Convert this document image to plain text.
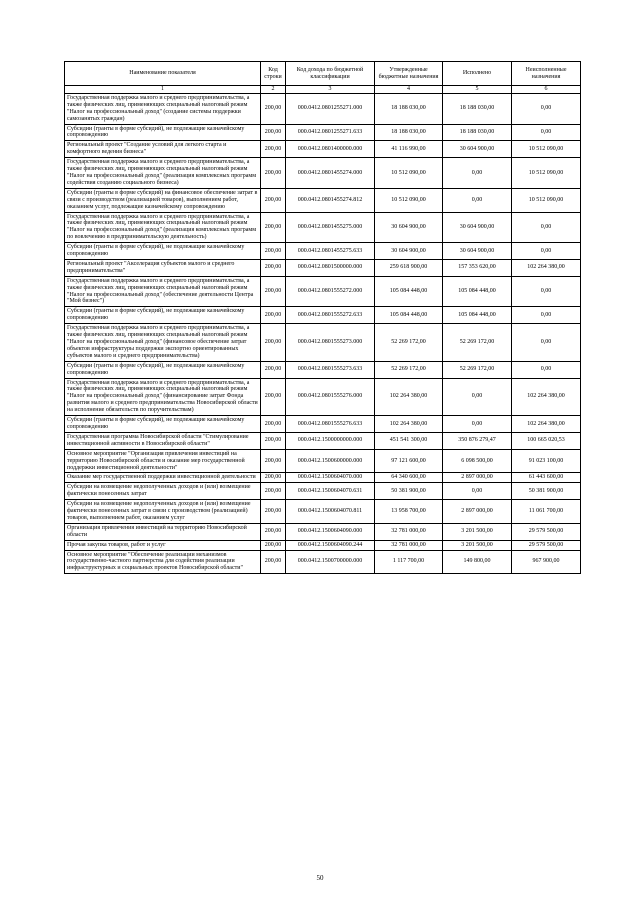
Наименование показателя	Код строки	Код дохода по бюджетной классификации	Утвержденные бюджетные назначения	Исполнено	Неисполненные назначения
1	2	3	4	5	6
Государственная поддержка малого и среднего предпринимательства, а также физических лиц, применяющих специальный налоговый режим "Налог на профессиональный доход" (создание системы поддержки самозанятых граждан)	200,00	000.0412.0801255271.000	18 188 030,00	18 188 030,00	0,00
Субсидии (гранты в форме субсидий), не подлежащие казначейскому сопровождению	200,00	000.0412.0801255271.633	18 188 030,00	18 188 030,00	0,00
Региональный проект "Создание условий для легкого старта и комфортного ведения бизнеса"	200,00	000.0412.0801400000.000	41 116 990,00	30 604 900,00	10 512 090,00
Государственная поддержка малого и среднего предпринимательства, а также физических лиц, применяющих специальный налоговый режим "Налог на профессиональный доход" (реализация комплексных программ содействия созданию социального бизнеса)	200,00	000.0412.0801455274.000	10 512 090,00	0,00	10 512 090,00
Субсидии (гранты в форме субсидий) на финансовое обеспечение затрат в связи с производством (реализацией товаров), выполнением работ, оказанием услуг, подлежащие казначейскому сопровождению	200,00	000.0412.0801455274.812	10 512 090,00	0,00	10 512 090,00
Государственная поддержка малого и среднего предпринимательства, а также физических лиц, применяющих специальный налоговый режим "Налог на профессиональный доход" (реализация комплексных программ по вовлечению в предпринимательскую деятельность)	200,00	000.0412.0801455275.000	30 604 900,00	30 604 900,00	0,00
Субсидии (гранты в форме субсидий), не подлежащие казначейскому сопровождению	200,00	000.0412.0801455275.633	30 604 900,00	30 604 900,00	0,00
Региональный проект "Акселерация субъектов малого и среднего предпринимательства"	200,00	000.0412.0801500000.000	259 618 900,00	157 353 620,00	102 264 380,00
Государственная поддержка малого и среднего предпринимательства, а также физических лиц, применяющих специальный налоговый режим "Налог на профессиональный доход" (обеспечение деятельности Центра "Мой бизнес")	200,00	000.0412.0801555272.000	105 084 448,00	105 084 448,00	0,00
Субсидии (гранты в форме субсидий), не подлежащие казначейскому сопровождению	200,00	000.0412.0801555272.633	105 084 448,00	105 084 448,00	0,00
Государственная поддержка малого и среднего предпринимательства, а также физических лиц, применяющих специальный налоговый режим "Налог на профессиональный доход" (финансовое обеспечение затрат объектов инфраструктуры поддержки экспортно ориентированных субъектов малого и среднего предпринимательства)	200,00	000.0412.0801555273.000	52 269 172,00	52 269 172,00	0,00
Субсидии (гранты в форме субсидий), не подлежащие казначейскому сопровождению	200,00	000.0412.0801555273.633	52 269 172,00	52 269 172,00	0,00
Государственная поддержка малого и среднего предпринимательства, а также физических лиц, применяющих специальный налоговый режим "Налог на профессиональный доход" (финансирование затрат Фонда развития малого и среднего предпринимательства Новосибирской области на исполнение обязательств по поручительствам)	200,00	000.0412.0801555276.000	102 264 380,00	0,00	102 264 380,00
Субсидии (гранты в форме субсидий), не подлежащие казначейскому сопровождению	200,00	000.0412.0801555276.633	102 264 380,00	0,00	102 264 380,00
Государственная программа Новосибирской области "Стимулирование инвестиционной активности в Новосибирской области"	200,00	000.0412.1500000000.000	451 541 300,00	350 876 279,47	100 665 020,53
Основное мероприятие "Организация привлечения инвестиций на территорию Новосибирской области и оказание мер государственной поддержки инвестиционной деятельности"	200,00	000.0412.1500600000.000	97 121 600,00	6 098 500,00	91 023 100,00
Оказание мер государственной поддержки инвестиционной деятельности	200,00	000.0412.1500604070.000	64 340 600,00	2 897 000,00	61 443 600,00
Субсидии на возмещение недополученных доходов и (или) возмещение фактически понесенных затрат	200,00	000.0412.1500604070.631	50 381 900,00	0,00	50 381 900,00
Субсидии на возмещение недополученных доходов и (или) возмещение фактически понесенных затрат в связи с производством (реализацией) товаров, выполнением работ, оказанием услуг	200,00	000.0412.1500604070.811	13 958 700,00	2 897 000,00	11 061 700,00
Организация привлечения инвестиций на территорию Новосибирской области	200,00	000.0412.1500604090.000	32 781 000,00	3 201 500,00	29 579 500,00
Прочая закупка товаров, работ и услуг	200,00	000.0412.1500604090.244	32 781 000,00	3 201 500,00	29 579 500,00
Основное мероприятие "Обеспечение реализации механизмов государственно-частного партнерства для содействия реализации инфраструктурных и социальных проектов Новосибирской области"	200,00	000.0412.1500700000.000	1 117 700,00	149 800,00	967 900,00
50
